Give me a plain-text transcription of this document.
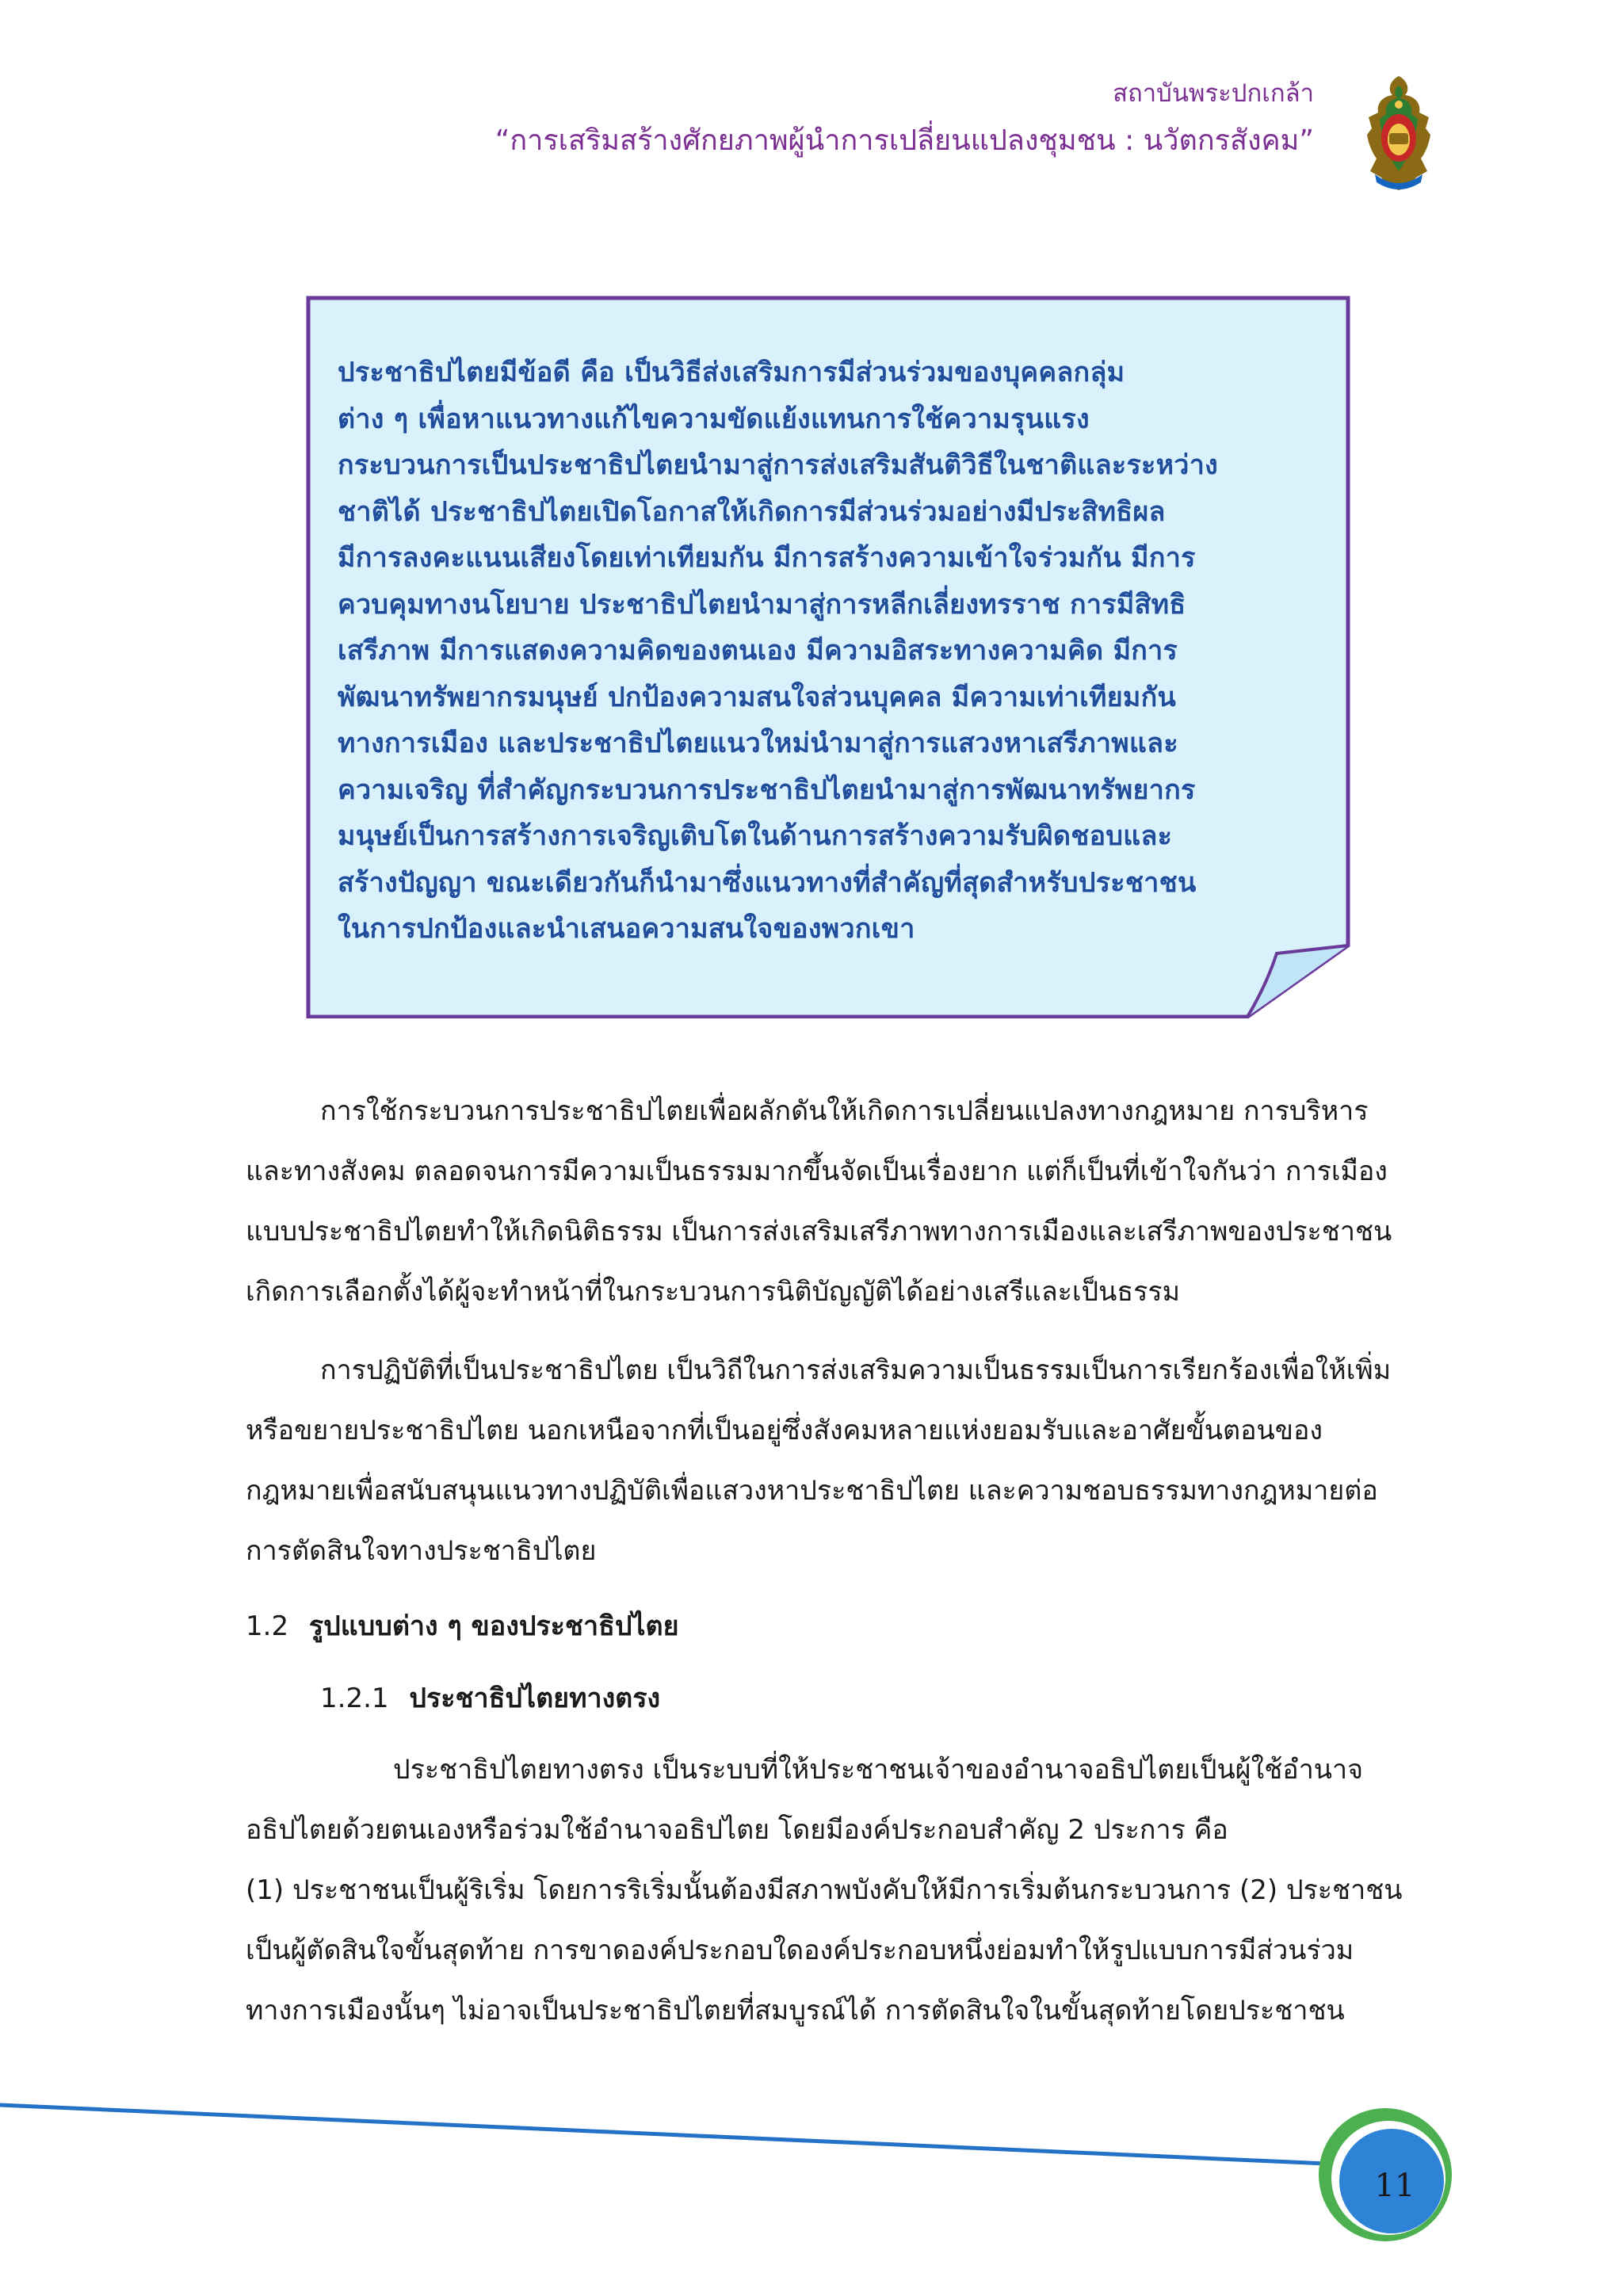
สถาบันพระปกเกล้า
“การเสริมสร้างศักยภาพผู้นำการเปลี่ยนแปลงชุมชน : นวัตกรสังคม”
ประชาธิปไตยมีข้อดี คือ เป็นวิธีส่งเสริมการมีส่วนร่วมของบุคคลกลุ่ม
ต่าง ๆ เพื่อหาแนวทางแก้ไขความขัดแย้งแทนการใช้ความรุนแรง
กระบวนการเป็นประชาธิปไตยนำมาสู่การส่งเสริมสันติวิธีในชาติและระหว่าง
ชาติได้ ประชาธิปไตยเปิดโอกาสให้เกิดการมีส่วนร่วมอย่างมีประสิทธิผล
มีการลงคะแนนเสียงโดยเท่าเทียมกัน มีการสร้างความเข้าใจร่วมกัน มีการ
ควบคุมทางนโยบาย ประชาธิปไตยนำมาสู่การหลีกเลี่ยงทรราช การมีสิทธิ
เสรีภาพ มีการแสดงความคิดของตนเอง มีความอิสระทางความคิด มีการ
พัฒนาทรัพยากรมนุษย์ ปกป้องความสนใจส่วนบุคคล มีความเท่าเทียมกัน
ทางการเมือง และประชาธิปไตยแนวใหม่นำมาสู่การแสวงหาเสรีภาพและ
ความเจริญ ที่สำคัญกระบวนการประชาธิปไตยนำมาสู่การพัฒนาทรัพยากร
มนุษย์เป็นการสร้างการเจริญเติบโตในด้านการสร้างความรับผิดชอบและ
สร้างปัญญา ขณะเดียวกันก็นำมาซึ่งแนวทางที่สำคัญที่สุดสำหรับประชาชน
ในการปกป้องและนำเสนอความสนใจของพวกเขา
การใช้กระบวนการประชาธิปไตยเพื่อผลักดันให้เกิดการเปลี่ยนแปลงทางกฎหมาย การบริหาร
และทางสังคม ตลอดจนการมีความเป็นธรรมมากขึ้นจัดเป็นเรื่องยาก แต่ก็เป็นที่เข้าใจกันว่า การเมือง
แบบประชาธิปไตยทำให้เกิดนิติธรรม เป็นการส่งเสริมเสรีภาพทางการเมืองและเสรีภาพของประชาชน
เกิดการเลือกตั้งได้ผู้จะทำหน้าที่ในกระบวนการนิติบัญญัติได้อย่างเสรีและเป็นธรรม
การปฏิบัติที่เป็นประชาธิปไตย เป็นวิถีในการส่งเสริมความเป็นธรรมเป็นการเรียกร้องเพื่อให้เพิ่ม
หรือขยายประชาธิปไตย นอกเหนือจากที่เป็นอยู่ซึ่งสังคมหลายแห่งยอมรับและอาศัยขั้นตอนของ
กฎหมายเพื่อสนับสนุนแนวทางปฏิบัติเพื่อแสวงหาประชาธิปไตย และความชอบธรรมทางกฎหมายต่อ
การตัดสินใจทางประชาธิปไตย
1.2 รูปแบบต่าง ๆ ของประชาธิปไตย
1.2.1 ประชาธิปไตยทางตรง
ประชาธิปไตยทางตรง เป็นระบบที่ให้ประชาชนเจ้าของอำนาจอธิปไตยเป็นผู้ใช้อำนาจ
อธิปไตยด้วยตนเองหรือร่วมใช้อำนาจอธิปไตย โดยมีองค์ประกอบสำคัญ 2 ประการ คือ
(1) ประชาชนเป็นผู้ริเริ่ม โดยการริเริ่มนั้นต้องมีสภาพบังคับให้มีการเริ่มต้นกระบวนการ (2) ประชาชน
เป็นผู้ตัดสินใจขั้นสุดท้าย การขาดองค์ประกอบใดองค์ประกอบหนึ่งย่อมทำให้รูปแบบการมีส่วนร่วม
ทางการเมืองนั้นๆ ไม่อาจเป็นประชาธิปไตยที่สมบูรณ์ได้ การตัดสินใจในขั้นสุดท้ายโดยประชาชน
11
